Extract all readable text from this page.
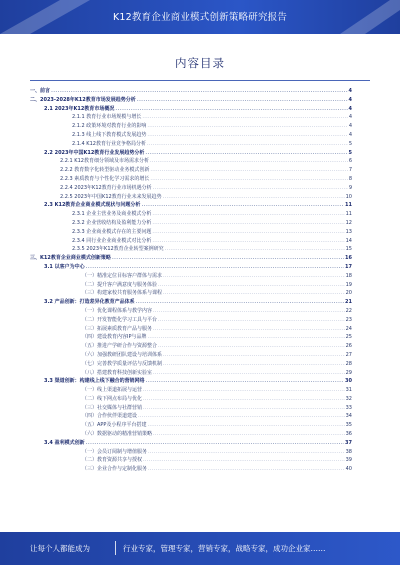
K12教育企业商业模式创新策略研究报告
内容目录
一、前言 .....	4
二、2023-2028年K12教育市场发展趋势分析 .....	4
2.1 2023年K12教育市场概况 .....	4
2.1.1 教育行业市场规模与增长 .....	4
2.1.2 政策环境对教育行业的影响 .....	4
2.1.3 线上线下教育模式发展趋势 .....	4
2.1.4 K12教育行业竞争格局分析 .....	5
2.2 2023年中国K12教育行业发展趋势分析 .....	5
2.2.1 K12教育细分领域及市场需求分析 .....	6
2.2.2 教育数字化转型驱动业务模式创新 .....	7
2.2.3 素质教育与个性化学习需求的增长 .....	8
2.2.4 2023年K12教育行业市场机遇分析 .....	9
2.2.5 2023年中国K12教育行业未来发展趋势 .....	10
2.3 K12教育企业商业模式现状与问题分析 .....	11
2.3.1 企业主营业务及商业模式分析 .....	11
2.3.2 企业营收结构及盈利能力分析 .....	12
2.3.3 企业商业模式存在的主要问题 .....	13
2.3.4 同行业企业商业模式对比分析 .....	14
2.3.5 2023年K12教育企业转型案例研究 .....	15
三、K12教育企业商业模式创新策略 .....	16
3.1 以客户为中心 .....	17
（一）精准定位目标客户群体与需求 .....	18
（二）提升客户满意度与服务体验 .....	19
（三）构建家校共育服务体系与课程 .....	20
3.2 产品创新：打造差异化教育产品体系 .....	21
（一）优化课程体系与教学内容 .....	22
（二）开发智能化学习工具与平台 .....	23
（三）拓展素质教育产品与服务 .....	24
（四）建设教育内容IP与品牌 .....	25
（五）推进产学研合作与资源整合 .....	26
（六）加强教研团队建设与培训体系 .....	27
（七）完善教学质量评估与反馈机制 .....	28
（八）搭建教育科技创新实验室 .....	29
3.3 渠道创新：构建线上线下融合的营销网络 .....	30
（一）线上渠道拓展与运营 .....	31
（二）线下网点布局与优化 .....	32
（三）社交媒体与社群营销 .....	33
（四）合作伙伴渠道建设 .....	34
（五）APP及小程序平台搭建 .....	35
（六）数据驱动的精准营销策略 .....	36
3.4 盈利模式创新 .....	37
（一）会员订阅制与增值服务 .....	38
（二）教育资源共享与授权 .....	39
（三）企业合作与定制化服务 .....	40
让每个人都能成为	行业专家，管理专家，营销专家，战略专家，成功企业家……
